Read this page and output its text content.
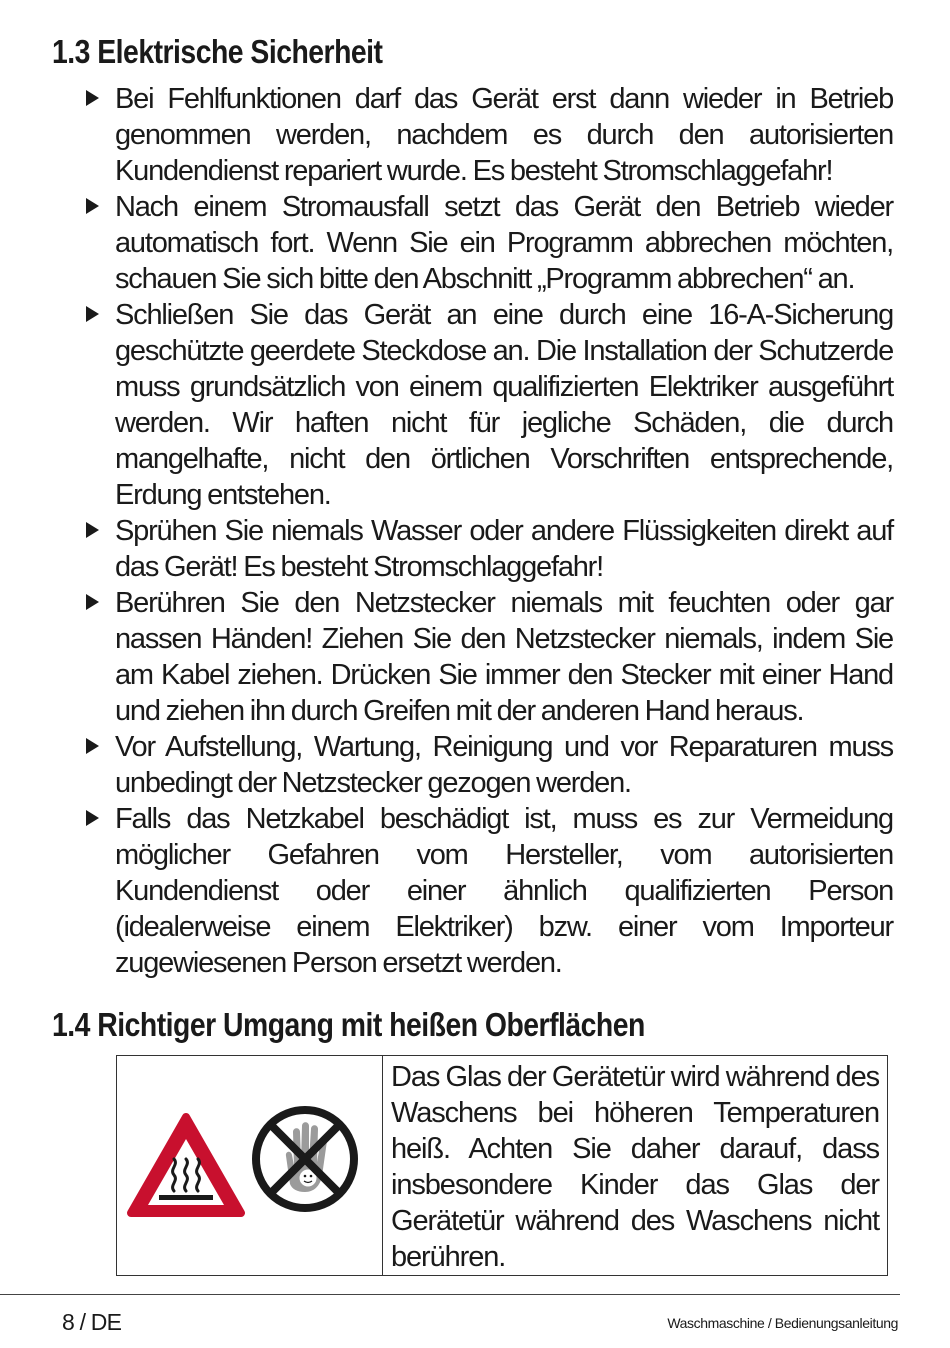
1.3 Elektrische Sicherheit
Bei Fehlfunktionen darf das Gerät erst dann wieder in Betrieb genommen werden, nachdem es durch den autorisierten Kundendienst repariert wurde. Es besteht Stromschlaggefahr!
Nach einem Stromausfall setzt das Gerät den Betrieb wieder automatisch fort. Wenn Sie ein Programm abbrechen möchten, schauen Sie sich bitte den Abschnitt „Programm abbrechen“ an.
Schließen Sie das Gerät an eine durch eine 16-A-Sicherung geschützte geerdete Steckdose an. Die Installation der Schutzerde muss grundsätzlich von einem qualifizierten Elektriker ausgeführt werden. Wir haften nicht für jegliche Schäden, die durch mangelhafte, nicht den örtlichen Vorschriften entsprechende, Erdung entstehen.
Sprühen Sie niemals Wasser oder andere Flüssigkeiten direkt auf das Gerät! Es besteht Stromschlaggefahr!
Berühren Sie den Netzstecker niemals mit feuchten oder gar nassen Händen! Ziehen Sie den Netzstecker niemals, indem Sie am Kabel ziehen. Drücken Sie immer den Stecker mit einer Hand und ziehen ihn durch Greifen mit der anderen Hand heraus.
Vor Aufstellung, Wartung, Reinigung und vor Reparaturen muss unbedingt der Netzstecker gezogen werden.
Falls das Netzkabel beschädigt ist, muss es zur Vermeidung möglicher Gefahren vom Hersteller, vom autorisierten Kundendienst oder einer ähnlich qualifizierten Person (idealerweise einem Elektriker) bzw. einer vom Importeur zugewiesenen Person ersetzt werden.
1.4 Richtiger Umgang mit heißen Oberflächen
Das Glas der Gerätetür wird während des Waschens bei höheren Temperaturen heiß. Achten Sie daher darauf, dass insbesondere Kinder das Glas der Gerätetür während des Waschens nicht berühren.
8 / DE	Waschmaschine / Bedienungsanleitung
